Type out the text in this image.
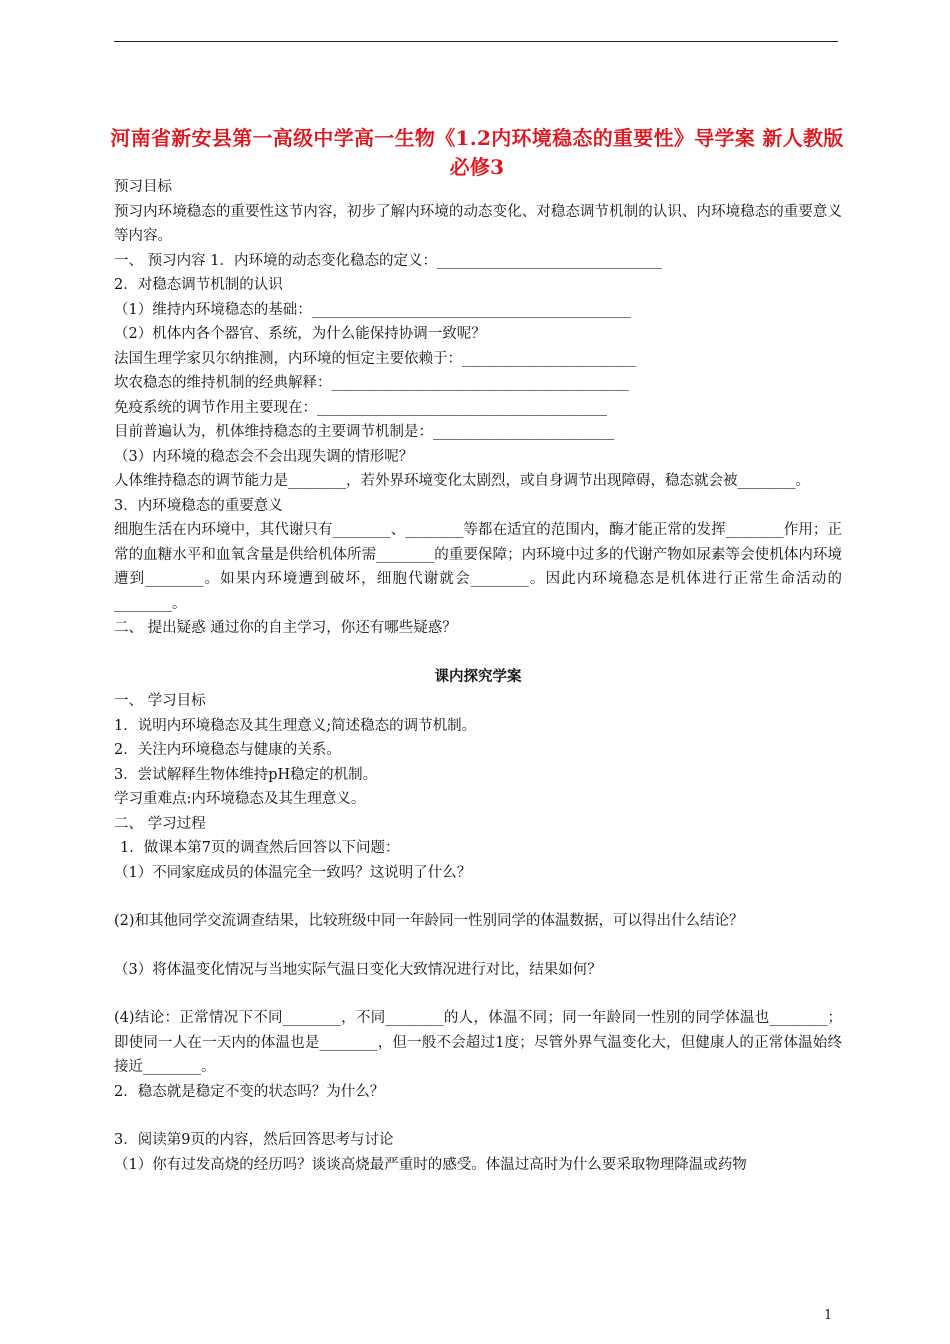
河南省新安县第一高级中学高一生物《1.2内环境稳态的重要性》导学案 新人教版必修3
预习目标
预习内环境稳态的重要性这节内容，初步了解内环境的动态变化、对稳态调节机制的认识、内环境稳态的重要意义等内容。
一、 预习内容 1．内环境的动态变化稳态的定义：_______________________________
2．对稳态调节机制的认识
（1）维持内环境稳态的基础：____________________________________________
（2）机体内各个器官、系统，为什么能保持协调一致呢？
法国生理学家贝尔纳推测，内环境的恒定主要依赖于：________________________
坎农稳态的维持机制的经典解释：_________________________________________
免疫系统的调节作用主要现在：________________________________________
目前普遍认为，机体维持稳态的主要调节机制是：_________________________
（3）内环境的稳态会不会出现失调的情形呢？
人体维持稳态的调节能力是________，若外界环境变化太剧烈，或自身调节出现障碍，稳态就会被________。
3．内环境稳态的重要意义
细胞生活在内环境中，其代谢只有________、________等都在适宜的范围内，酶才能正常的发挥________作用；正常的血糖水平和血氧含量是供给机体所需________的重要保障；内环境中过多的代谢产物如尿素等会使机体内环境遭到________。如果内环境遭到破坏，细胞代谢就会________。因此内环境稳态是机体进行正常生命活动的________。
二、 提出疑惑 通过你的自主学习，你还有哪些疑惑？
课内探究学案
一、 学习目标
1．说明内环境稳态及其生理意义;简述稳态的调节机制。
2．关注内环境稳态与健康的关系。
3．尝试解释生物体维持pH稳定的机制。
学习重难点:内环境稳态及其生理意义。
二、 学习过程
1．做课本第7页的调查然后回答以下问题：
（1）不同家庭成员的体温完全一致吗？这说明了什么？
(2)和其他同学交流调查结果，比较班级中同一年龄同一性别同学的体温数据，可以得出什么结论？
（3）将体温变化情况与当地实际气温日变化大致情况进行对比，结果如何？
(4)结论：正常情况下不同________，不同________的人，体温不同；同一年龄同一性别的同学体温也________；即使同一人在一天内的体温也是________，但一般不会超过1度；尽管外界气温变化大，但健康人的正常体温始终接近________。
2．稳态就是稳定不变的状态吗？为什么？
3．阅读第9页的内容，然后回答思考与讨论
（1）你有过发高烧的经历吗？谈谈高烧最严重时的感受。体温过高时为什么要采取物理降温或药物
1
